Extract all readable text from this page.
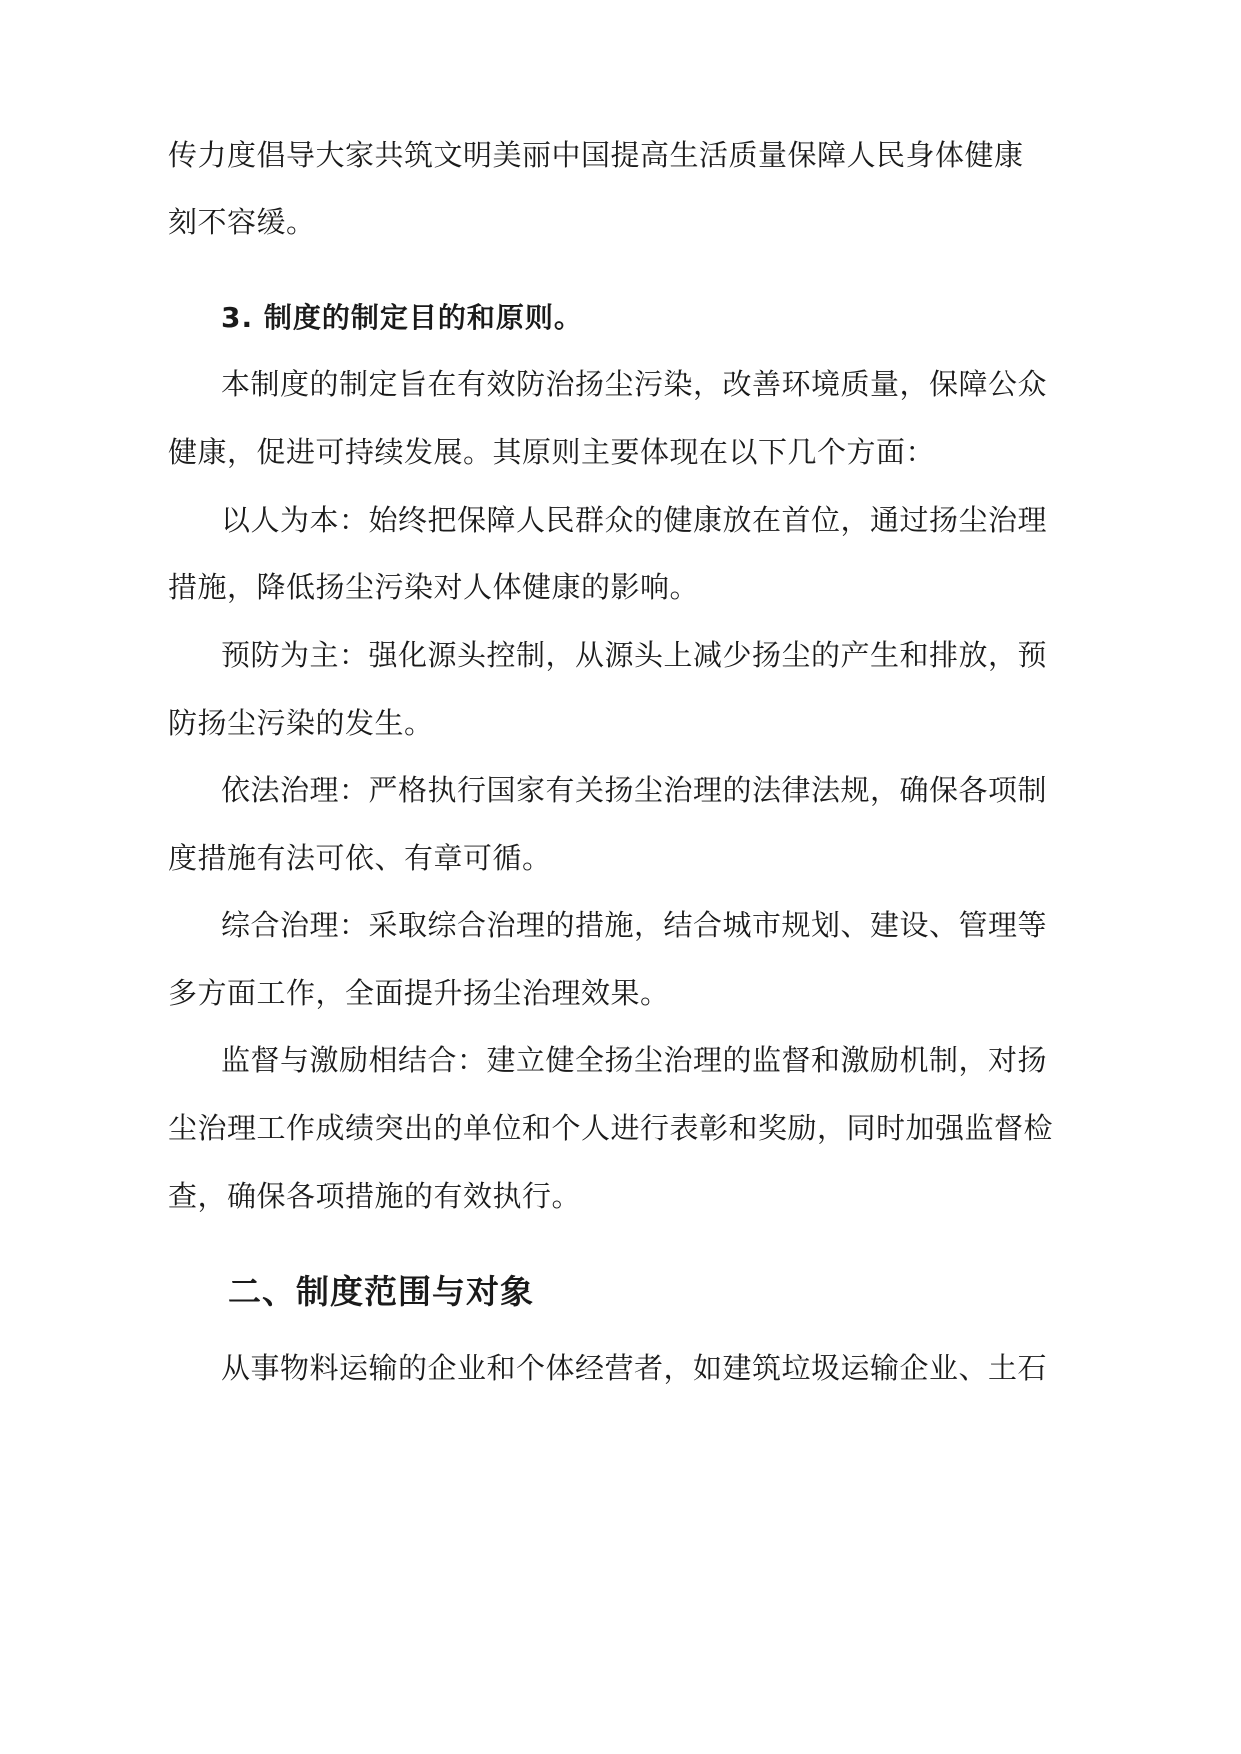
传力度倡导大家共筑文明美丽中国提高生活质量保障人民身体健康
刻不容缓。
3. 制度的制定目的和原则。
本制度的制定旨在有效防治扬尘污染，改善环境质量，保障公众
健康，促进可持续发展。其原则主要体现在以下几个方面：
以人为本：始终把保障人民群众的健康放在首位，通过扬尘治理
措施，降低扬尘污染对人体健康的影响。
预防为主：强化源头控制，从源头上减少扬尘的产生和排放，预
防扬尘污染的发生。
依法治理：严格执行国家有关扬尘治理的法律法规，确保各项制
度措施有法可依、有章可循。
综合治理：采取综合治理的措施，结合城市规划、建设、管理等
多方面工作，全面提升扬尘治理效果。
监督与激励相结合：建立健全扬尘治理的监督和激励机制，对扬
尘治理工作成绩突出的单位和个人进行表彰和奖励，同时加强监督检
查，确保各项措施的有效执行。
二、制度范围与对象
从事物料运输的企业和个体经营者，如建筑垃圾运输企业、土石
